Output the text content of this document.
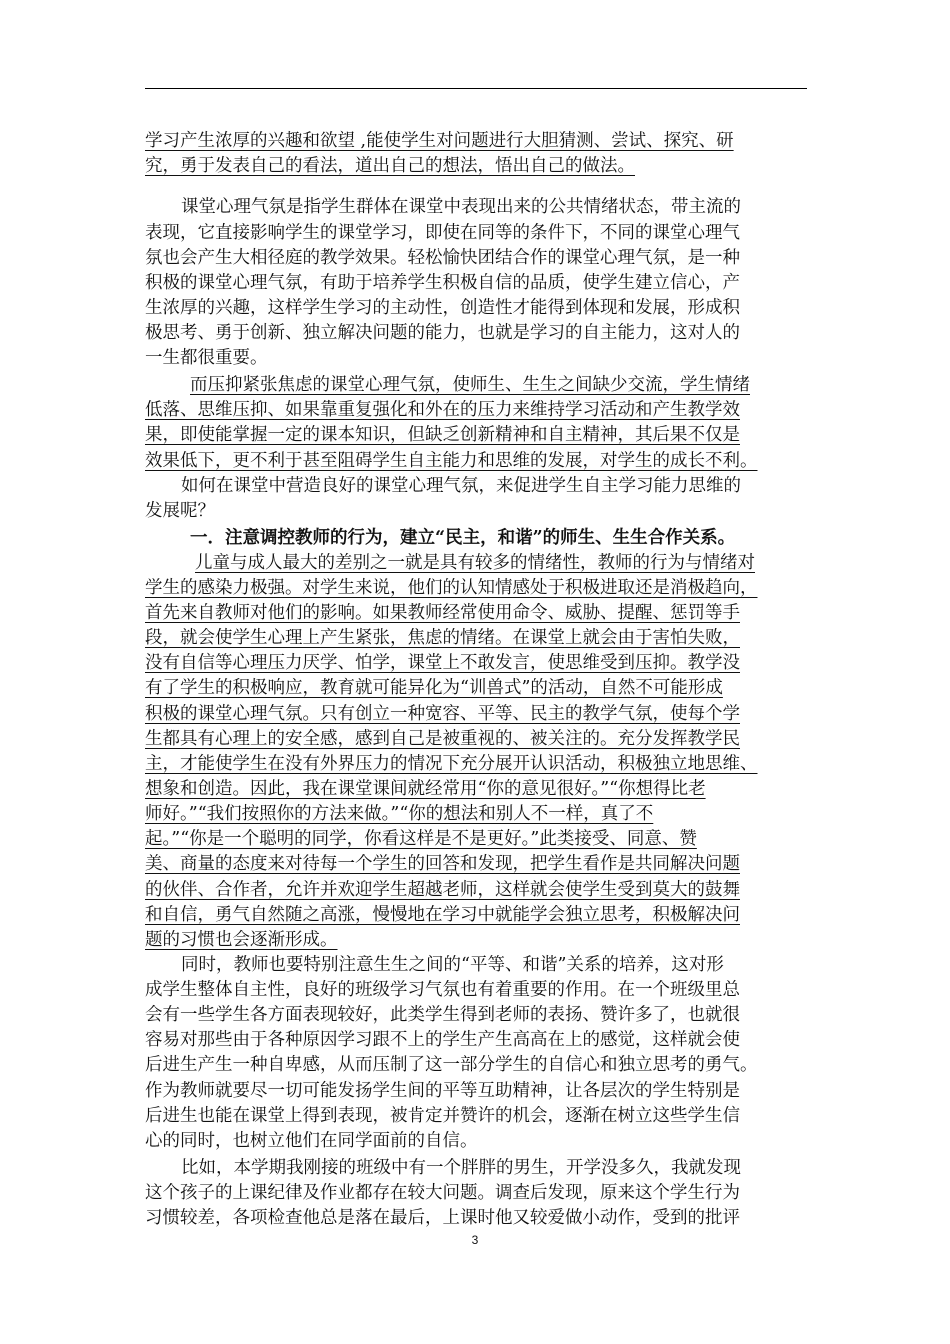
学习产生浓厚的兴趣和欲望 ,能使学生对问题进行大胆猜测、尝试、探究、研
究，勇于发表自己的看法，道出自己的想法，悟出自己的做法。
课堂心理气氛是指学生群体在课堂中表现出来的公共情绪状态，带主流的
表现，它直接影响学生的课堂学习，即使在同等的条件下，不同的课堂心理气
氛也会产生大相径庭的教学效果。轻松愉快团结合作的课堂心理气氛，是一种
积极的课堂心理气氛，有助于培养学生积极自信的品质，使学生建立信心，产
生浓厚的兴趣，这样学生学习的主动性，创造性才能得到体现和发展，形成积
极思考、勇于创新、独立解决问题的能力，也就是学习的自主能力，这对人的
一生都很重要。
而压抑紧张焦虑的课堂心理气氛，使师生、生生之间缺少交流，学生情绪
低落、思维压抑、如果靠重复强化和外在的压力来维持学习活动和产生教学效
果，即使能掌握一定的课本知识，但缺乏创新精神和自主精神，其后果不仅是
效果低下，更不利于甚至阻碍学生自主能力和思维的发展，对学生的成长不利。
如何在课堂中营造良好的课堂心理气氛，来促进学生自主学习能力思维的
发展呢？
一．注意调控教师的行为，建立“民主，和谐”的师生、生生合作关系。
儿童与成人最大的差别之一就是具有较多的情绪性，教师的行为与情绪对
学生的感染力极强。对学生来说，他们的认知情感处于积极进取还是消极趋向，
首先来自教师对他们的影响。如果教师经常使用命令、威胁、提醒、惩罚等手
段，就会使学生心理上产生紧张，焦虑的情绪。在课堂上就会由于害怕失败，
没有自信等心理压力厌学、怕学，课堂上不敢发言，使思维受到压抑。教学没
有了学生的积极响应，教育就可能异化为“训兽式”的活动，自然不可能形成
积极的课堂心理气氛。只有创立一种宽容、平等、民主的教学气氛，使每个学
生都具有心理上的安全感，感到自己是被重视的、被关注的。充分发挥教学民
主，才能使学生在没有外界压力的情况下充分展开认识活动，积极独立地思维、
想象和创造。因此，我在课堂课间就经常用“你的意见很好。”“你想得比老
师好。”“我们按照你的方法来做。”“你的想法和别人不一样，真了不
起。”“你是一个聪明的同学，你看这样是不是更好。”此类接受、同意、赞
美、商量的态度来对待每一个学生的回答和发现，把学生看作是共同解决问题
的伙伴、合作者，允许并欢迎学生超越老师，这样就会使学生受到莫大的鼓舞
和自信，勇气自然随之高涨，慢慢地在学习中就能学会独立思考，积极解决问
题的习惯也会逐渐形成。
同时，教师也要特别注意生生之间的“平等、和谐”关系的培养，这对形
成学生整体自主性，良好的班级学习气氛也有着重要的作用。在一个班级里总
会有一些学生各方面表现较好，此类学生得到老师的表扬、赞许多了，也就很
容易对那些由于各种原因学习跟不上的学生产生高高在上的感觉，这样就会使
后进生产生一种自卑感，从而压制了这一部分学生的自信心和独立思考的勇气。
作为教师就要尽一切可能发扬学生间的平等互助精神，让各层次的学生特别是
后进生也能在课堂上得到表现，被肯定并赞许的机会，逐渐在树立这些学生信
心的同时，也树立他们在同学面前的自信。
比如，本学期我刚接的班级中有一个胖胖的男生，开学没多久，我就发现
这个孩子的上课纪律及作业都存在较大问题。调查后发现，原来这个学生行为
习惯较差，各项检查他总是落在最后，上课时他又较爱做小动作，受到的批评
3
